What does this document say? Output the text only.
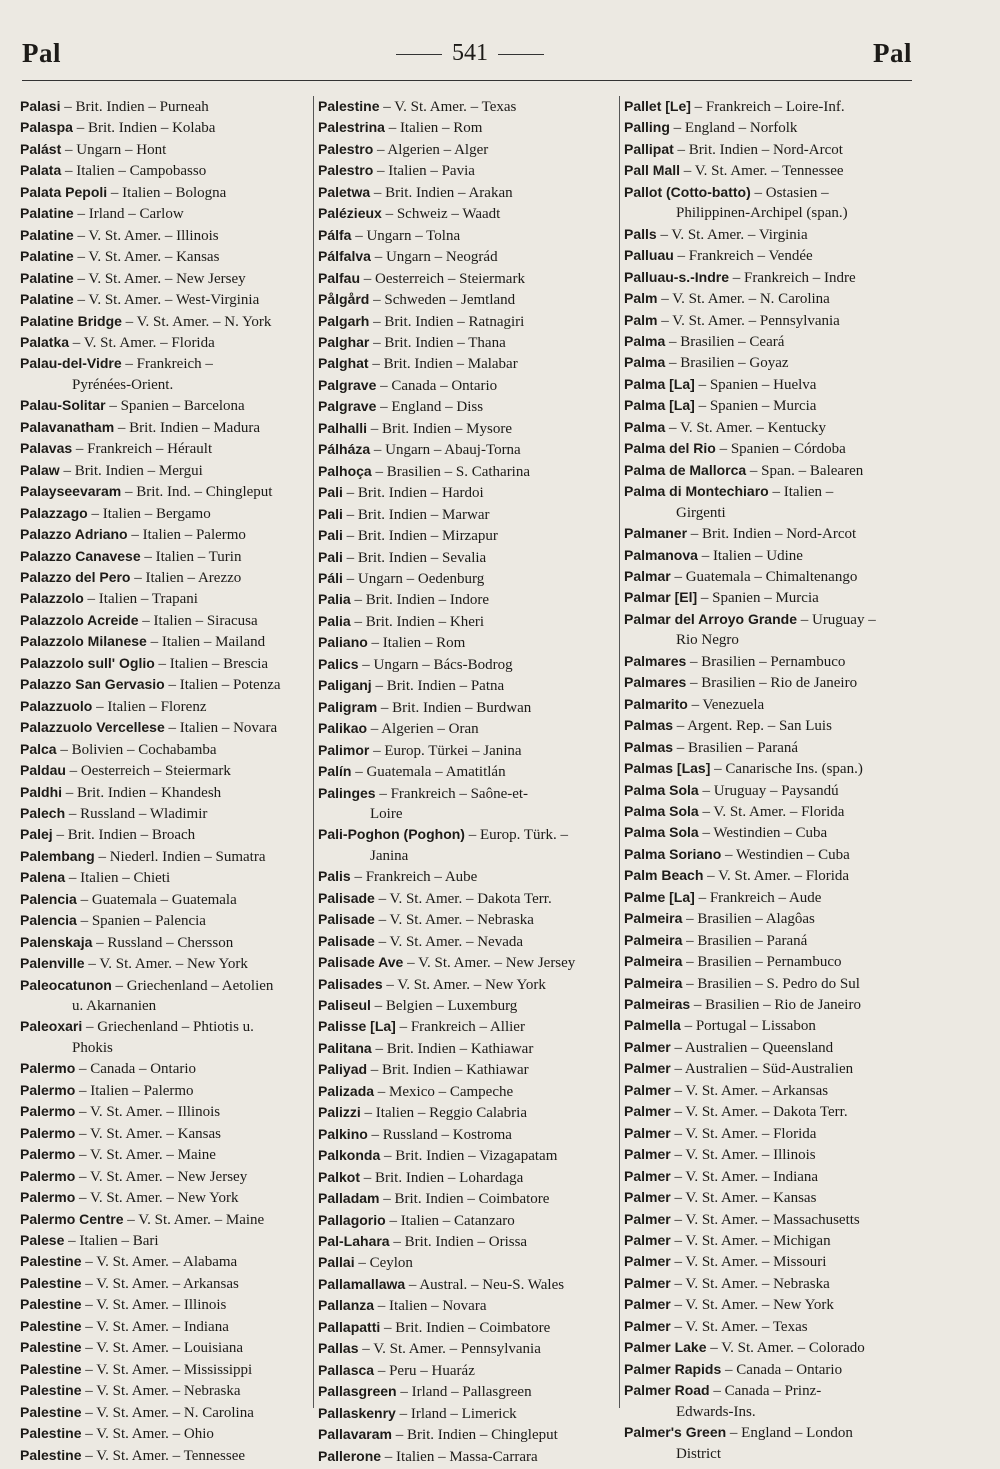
Pal	541	Pal
Palasi – Brit. Indien – Purneah
Palaspa – Brit. Indien – Kolaba
Palást – Ungarn – Hont
Palata – Italien – Campobasso
Palata Pepoli – Italien – Bologna
Palatine – Irland – Carlow
Palatine – V. St. Amer. – Illinois
Palatine – V. St. Amer. – Kansas
Palatine – V. St. Amer. – New Jersey
Palatine – V. St. Amer. – West-Virginia
Palatine Bridge – V. St. Amer. – N. York
Palatka – V. St. Amer. – Florida
Palau-del-Vidre – Frankreich –
Pyrénées-Orient.
Palau-Solitar – Spanien – Barcelona
Palavanatham – Brit. Indien – Madura
Palavas – Frankreich – Hérault
Palaw – Brit. Indien – Mergui
Palayseevaram – Brit. Ind. – Chingleput
Palazzago – Italien – Bergamo
Palazzo Adriano – Italien – Palermo
Palazzo Canavese – Italien – Turin
Palazzo del Pero – Italien – Arezzo
Palazzolo – Italien – Trapani
Palazzolo Acreide – Italien – Siracusa
Palazzolo Milanese – Italien – Mailand
Palazzolo sull' Oglio – Italien – Brescia
Palazzo San Gervasio – Italien – Potenza
Palazzuolo – Italien – Florenz
Palazzuolo Vercellese – Italien – Novara
Palca – Bolivien – Cochabamba
Paldau – Oesterreich – Steiermark
Paldhi – Brit. Indien – Khandesh
Palech – Russland – Wladimir
Palej – Brit. Indien – Broach
Palembang – Niederl. Indien – Sumatra
Palena – Italien – Chieti
Palencia – Guatemala – Guatemala
Palencia – Spanien – Palencia
Palenskaja – Russland – Chersson
Palenville – V. St. Amer. – New York
Paleocatunon – Griechenland – Aetolien
u. Akarnanien
Paleoxari – Griechenland – Phtiotis u.
Phokis
Palermo – Canada – Ontario
Palermo – Italien – Palermo
Palermo – V. St. Amer. – Illinois
Palermo – V. St. Amer. – Kansas
Palermo – V. St. Amer. – Maine
Palermo – V. St. Amer. – New Jersey
Palermo – V. St. Amer. – New York
Palermo Centre – V. St. Amer. – Maine
Palese – Italien – Bari
Palestine – V. St. Amer. – Alabama
Palestine – V. St. Amer. – Arkansas
Palestine – V. St. Amer. – Illinois
Palestine – V. St. Amer. – Indiana
Palestine – V. St. Amer. – Louisiana
Palestine – V. St. Amer. – Mississippi
Palestine – V. St. Amer. – Nebraska
Palestine – V. St. Amer. – N. Carolina
Palestine – V. St. Amer. – Ohio
Palestine – V. St. Amer. – Tennessee
Palestine – V. St. Amer. – Texas
Palestrina – Italien – Rom
Palestro – Algerien – Alger
Palestro – Italien – Pavia
Paletwa – Brit. Indien – Arakan
Palézieux – Schweiz – Waadt
Pálfa – Ungarn – Tolna
Pálfalva – Ungarn – Neográd
Palfau – Oesterreich – Steiermark
Pålgård – Schweden – Jemtland
Palgarh – Brit. Indien – Ratnagiri
Palghar – Brit. Indien – Thana
Palghat – Brit. Indien – Malabar
Palgrave – Canada – Ontario
Palgrave – England – Diss
Palhalli – Brit. Indien – Mysore
Pálháza – Ungarn – Abauj-Torna
Palhoça – Brasilien – S. Catharina
Pali – Brit. Indien – Hardoi
Pali – Brit. Indien – Marwar
Pali – Brit. Indien – Mirzapur
Pali – Brit. Indien – Sevalia
Páli – Ungarn – Oedenburg
Palia – Brit. Indien – Indore
Palia – Brit. Indien – Kheri
Paliano – Italien – Rom
Palics – Ungarn – Bács-Bodrog
Paliganj – Brit. Indien – Patna
Paligram – Brit. Indien – Burdwan
Palikao – Algerien – Oran
Palimor – Europ. Türkei – Janina
Palín – Guatemala – Amatitlán
Palinges – Frankreich – Saône-et-
Loire
Pali-Poghon (Poghon) – Europ. Türk. –
Janina
Palis – Frankreich – Aube
Palisade – V. St. Amer. – Dakota Terr.
Palisade – V. St. Amer. – Nebraska
Palisade – V. St. Amer. – Nevada
Palisade Ave – V. St. Amer. – New Jersey
Palisades – V. St. Amer. – New York
Paliseul – Belgien – Luxemburg
Palisse [La] – Frankreich – Allier
Palitana – Brit. Indien – Kathiawar
Paliyad – Brit. Indien – Kathiawar
Palizada – Mexico – Campeche
Palizzi – Italien – Reggio Calabria
Palkino – Russland – Kostroma
Palkonda – Brit. Indien – Vizagapatam
Palkot – Brit. Indien – Lohardaga
Palladam – Brit. Indien – Coimbatore
Pallagorio – Italien – Catanzaro
Pal-Lahara – Brit. Indien – Orissa
Pallai – Ceylon
Pallamallawa – Austral. – Neu-S. Wales
Pallanza – Italien – Novara
Pallapatti – Brit. Indien – Coimbatore
Pallas – V. St. Amer. – Pennsylvania
Pallasca – Peru – Huaráz
Pallasgreen – Irland – Pallasgreen
Pallaskenry – Irland – Limerick
Pallavaram – Brit. Indien – Chingleput
Pallerone – Italien – Massa-Carrara
Pallet [Le] – Frankreich – Loire-Inf.
Palling – England – Norfolk
Pallipat – Brit. Indien – Nord-Arcot
Pall Mall – V. St. Amer. – Tennessee
Pallot (Cotto-batto) – Ostasien –
Philippinen-Archipel (span.)
Palls – V. St. Amer. – Virginia
Palluau – Frankreich – Vendée
Palluau-s.-Indre – Frankreich – Indre
Palm – V. St. Amer. – N. Carolina
Palm – V. St. Amer. – Pennsylvania
Palma – Brasilien – Ceará
Palma – Brasilien – Goyaz
Palma [La] – Spanien – Huelva
Palma [La] – Spanien – Murcia
Palma – V. St. Amer. – Kentucky
Palma del Rio – Spanien – Córdoba
Palma de Mallorca – Span. – Balearen
Palma di Montechiaro – Italien –
Girgenti
Palmaner – Brit. Indien – Nord-Arcot
Palmanova – Italien – Udine
Palmar – Guatemala – Chimaltenango
Palmar [El] – Spanien – Murcia
Palmar del Arroyo Grande – Uruguay –
Rio Negro
Palmares – Brasilien – Pernambuco
Palmares – Brasilien – Rio de Janeiro
Palmarito – Venezuela
Palmas – Argent. Rep. – San Luis
Palmas – Brasilien – Paraná
Palmas [Las] – Canarische Ins. (span.)
Palma Sola – Uruguay – Paysandú
Palma Sola – V. St. Amer. – Florida
Palma Sola – Westindien – Cuba
Palma Soriano – Westindien – Cuba
Palm Beach – V. St. Amer. – Florida
Palme [La] – Frankreich – Aude
Palmeira – Brasilien – Alagôas
Palmeira – Brasilien – Paraná
Palmeira – Brasilien – Pernambuco
Palmeira – Brasilien – S. Pedro do Sul
Palmeiras – Brasilien – Rio de Janeiro
Palmella – Portugal – Lissabon
Palmer – Australien – Queensland
Palmer – Australien – Süd-Australien
Palmer – V. St. Amer. – Arkansas
Palmer – V. St. Amer. – Dakota Terr.
Palmer – V. St. Amer. – Florida
Palmer – V. St. Amer. – Illinois
Palmer – V. St. Amer. – Indiana
Palmer – V. St. Amer. – Kansas
Palmer – V. St. Amer. – Massachusetts
Palmer – V. St. Amer. – Michigan
Palmer – V. St. Amer. – Missouri
Palmer – V. St. Amer. – Nebraska
Palmer – V. St. Amer. – New York
Palmer – V. St. Amer. – Texas
Palmer Lake – V. St. Amer. – Colorado
Palmer Rapids – Canada – Ontario
Palmer Road – Canada – Prinz-
Edwards-Ins.
Palmer's Green – England – London
District
